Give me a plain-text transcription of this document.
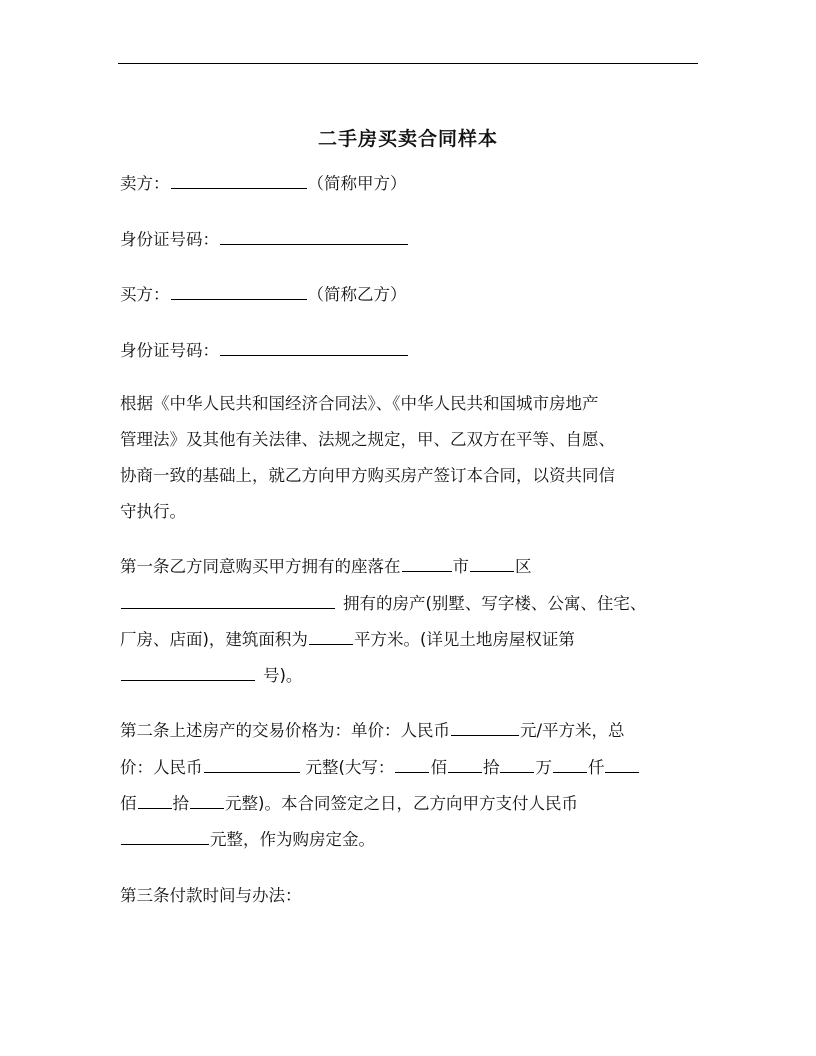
二手房买卖合同样本
卖方：	（简称甲方）
身份证号码：
买方：	（简称乙方）
身份证号码：
根据《中华人民共和国经济合同法》、《中华人民共和国城市房地产
管理法》及其他有关法律、法规之规定，甲、乙双方在平等、自愿、
协商一致的基础上，就乙方向甲方购买房产签订本合同，以资共同信
守执行。
第一条乙方同意购买甲方拥有的座落在	市	区
拥有的房产(别墅、写字楼、公寓、住宅、
厂房、店面)，建筑面积为	平方米。(详见土地房屋权证第
号)。
第二条上述房产的交易价格为：单价：人民币	元/平方米，总
价：人民币	元整(大写： 佰 拾 万 仟
佰 拾 元整)。本合同签定之日，乙方向甲方支付人民币
元整，作为购房定金。
第三条付款时间与办法：
